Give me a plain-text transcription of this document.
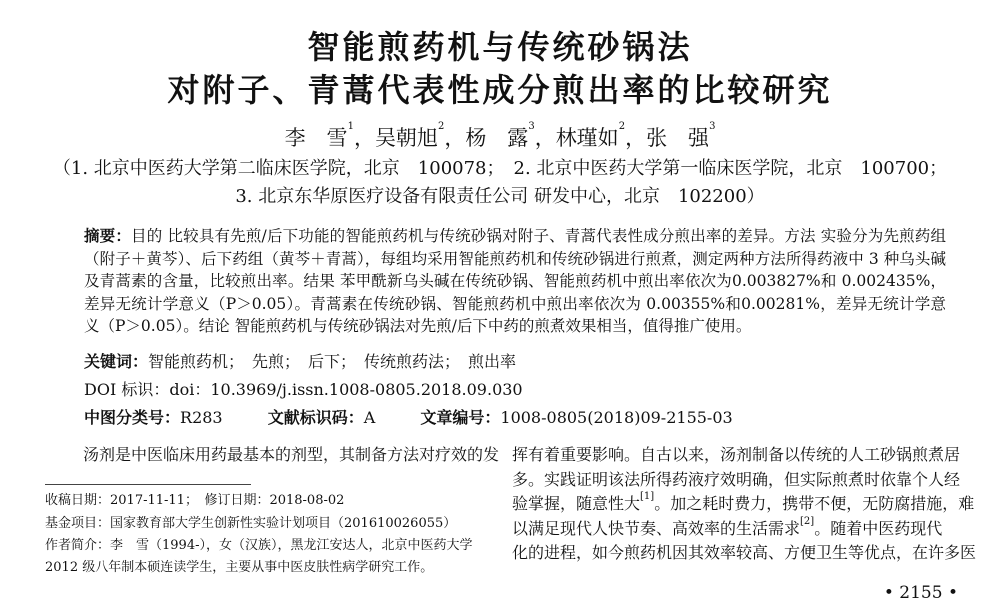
智能煎药机与传统砂锅法
对附子、青蒿代表性成分煎出率的比较研究
李　雪$^1$，吴朝旭$^2$，杨　露$^3$，林瑾如$^2$，张　强$^3$
（1. 北京中医药大学第二临床医学院，北京　100078；　2. 北京中医药大学第一临床医学院，北京　100700；
3. 北京东华原医疗设备有限责任公司 研发中心，北京　102200）
摘要：目的 比较具有先煎/后下功能的智能煎药机与传统砂锅对附子、青蒿代表性成分煎出率的差异。方法 实验分为先煎药组（附子＋黄芩）、后下药组（黄芩＋青蒿），每组均采用智能煎药机和传统砂锅进行煎煮，测定两种方法所得药液中 3 种乌头碱及青蒿素的含量，比较煎出率。结果 苯甲酰新乌头碱在传统砂锅、智能煎药机中煎出率依次为0.003827%和 0.002435%，差异无统计学意义（P＞0.05）。青蒿素在传统砂锅、智能煎药机中煎出率依次为 0.00355%和0.00281%，差异无统计学意义（P＞0.05）。结论 智能煎药机与传统砂锅法对先煎/后下中药的煎煮效果相当，值得推广使用。
关键词：智能煎药机；　先煎；　后下；　传统煎药法；　煎出率
DOI 标识：doi：10.3969/j.issn.1008-0805.2018.09.030
中图分类号：R283	文献标识码：A	文章编号：1008-0805(2018)09-2155-03
汤剂是中医临床用药最基本的剂型，其制备方法对疗效的发
收稿日期：2017-11-11；　修订日期：2018-08-02
基金项目：国家教育部大学生创新性实验计划项目（201610026055）
作者简介：李　雪（1994-），女（汉族），黑龙江安达人，北京中医药大学
2012 级八年制本硕连读学生，主要从事中医皮肤性病学研究工作。
挥有着重要影响。自古以来，汤剂制备以传统的人工砂锅煎煮居
多。实践证明该法所得药液疗效明确，但实际煎煮时依靠个人经
验掌握，随意性大[1]。加之耗时费力，携带不便，无防腐措施，难
以满足现代人快节奏、高效率的生活需求[2]。随着中医药现代
化的进程，如今煎药机因其效率较高、方便卫生等优点，在许多医
• 2155 •
